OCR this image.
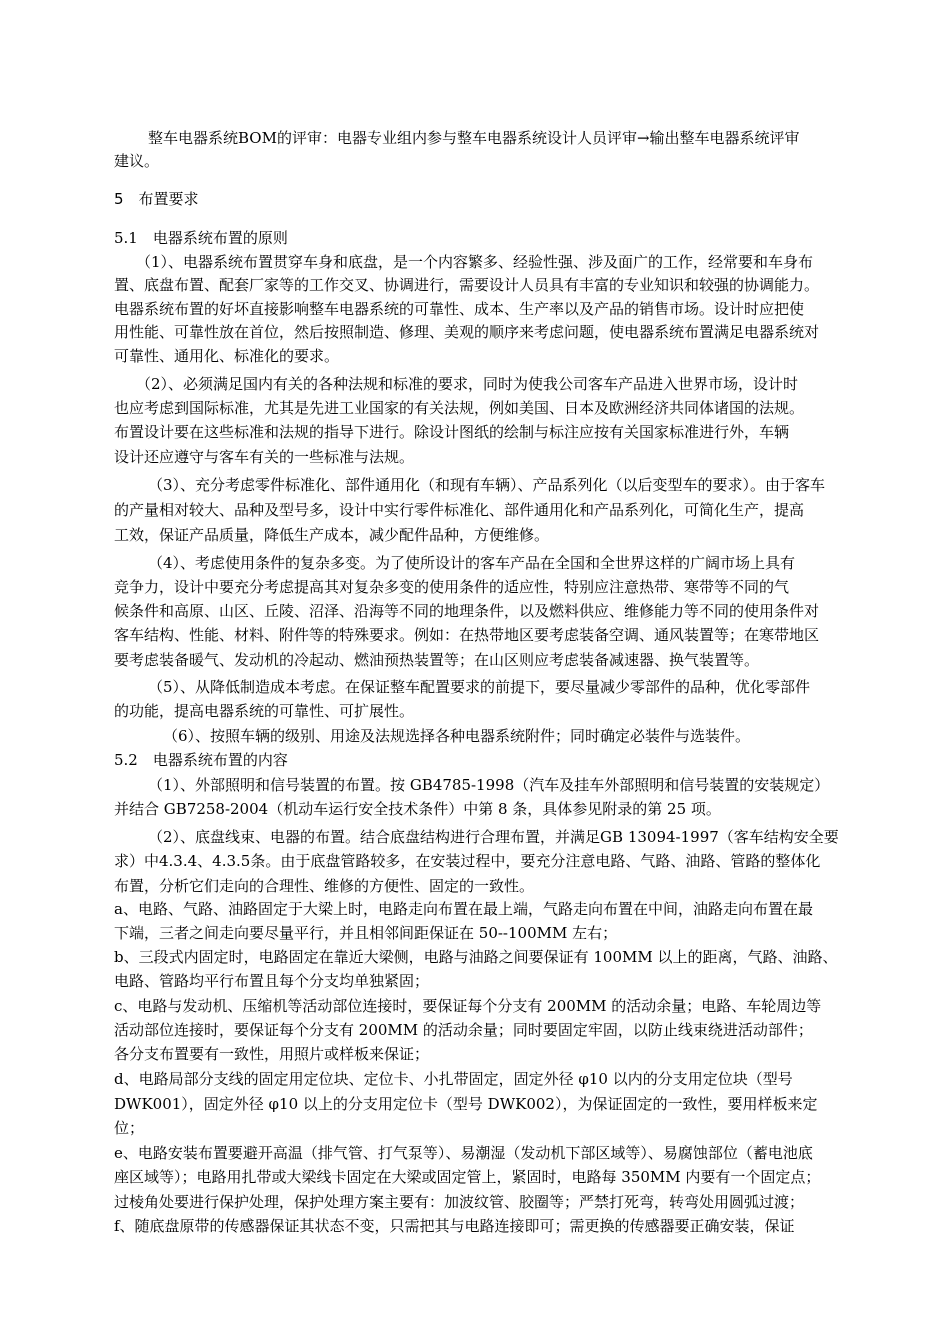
整车电器系统BOM的评审：电器专业组内参与整车电器系统设计人员评审→输出整车电器系统评审
建议。
5　布置要求
5.1　电器系统布置的原则
（1）、电器系统布置贯穿车身和底盘，是一个内容繁多、经验性强、涉及面广的工作，经常要和车身布
置、底盘布置、配套厂家等的工作交叉、协调进行，需要设计人员具有丰富的专业知识和较强的协调能力。
电器系统布置的好坏直接影响整车电器系统的可靠性、成本、生产率以及产品的销售市场。设计时应把使
用性能、可靠性放在首位，然后按照制造、修理、美观的顺序来考虑问题，使电器系统布置满足电器系统对
可靠性、通用化、标准化的要求。
（2）、必须满足国内有关的各种法规和标准的要求，同时为使我公司客车产品进入世界市场，设计时
也应考虑到国际标准，尤其是先进工业国家的有关法规，例如美国、日本及欧洲经济共同体诸国的法规。
布置设计要在这些标准和法规的指导下进行。除设计图纸的绘制与标注应按有关国家标准进行外，车辆
设计还应遵守与客车有关的一些标准与法规。
（3）、充分考虑零件标准化、部件通用化（和现有车辆）、产品系列化（以后变型车的要求）。由于客车
的产量相对较大、品种及型号多，设计中实行零件标准化、部件通用化和产品系列化，可简化生产，提高
工效，保证产品质量，降低生产成本，减少配件品种，方便维修。
（4）、考虑使用条件的复杂多变。为了使所设计的客车产品在全国和全世界这样的广阔市场上具有
竞争力，设计中要充分考虑提高其对复杂多变的使用条件的适应性，特别应注意热带、寒带等不同的气
候条件和高原、山区、丘陵、沼泽、沿海等不同的地理条件，以及燃料供应、维修能力等不同的使用条件对
客车结构、性能、材料、附件等的特殊要求。例如：在热带地区要考虑装备空调、通风装置等；在寒带地区
要考虑装备暖气、发动机的冷起动、燃油预热装置等；在山区则应考虑装备减速器、换气装置等。
（5）、从降低制造成本考虑。在保证整车配置要求的前提下，要尽量减少零部件的品种，优化零部件
的功能，提高电器系统的可靠性、可扩展性。
（6）、按照车辆的级别、用途及法规选择各种电器系统附件；同时确定必装件与选装件。
5.2　电器系统布置的内容
（1）、外部照明和信号装置的布置。按 GB4785-1998（汽车及挂车外部照明和信号装置的安装规定）
并结合 GB7258-2004（机动车运行安全技术条件）中第 8 条，具体参见附录的第 25 项。
（2）、底盘线束、电器的布置。结合底盘结构进行合理布置，并满足GB 13094-1997（客车结构安全要
求）中4.3.4、4.3.5条。由于底盘管路较多，在安装过程中，要充分注意电路、气路、油路、管路的整体化
布置，分析它们走向的合理性、维修的方便性、固定的一致性。
a、电路、气路、油路固定于大梁上时，电路走向布置在最上端，气路走向布置在中间，油路走向布置在最
下端，三者之间走向要尽量平行，并且相邻间距保证在 50--100MM 左右；
b、三段式内固定时，电路固定在靠近大梁侧，电路与油路之间要保证有 100MM 以上的距离，气路、油路、
电路、管路均平行布置且每个分支均单独紧固；
c、电路与发动机、压缩机等活动部位连接时，要保证每个分支有 200MM 的活动余量；电路、车轮周边等
活动部位连接时，要保证每个分支有 200MM 的活动余量；同时要固定牢固，以防止线束绕进活动部件；
各分支布置要有一致性，用照片或样板来保证；
d、电路局部分支线的固定用定位块、定位卡、小扎带固定，固定外径 φ10 以内的分支用定位块（型号
DWK001），固定外径 φ10 以上的分支用定位卡（型号 DWK002），为保证固定的一致性，要用样板来定
位；
e、电路安装布置要避开高温（排气管、打气泵等）、易潮湿（发动机下部区域等）、易腐蚀部位（蓄电池底
座区域等）；电路用扎带或大梁线卡固定在大梁或固定管上，紧固时，电路每 350MM 内要有一个固定点；
过棱角处要进行保护处理，保护处理方案主要有：加波纹管、胶圈等；严禁打死弯，转弯处用圆弧过渡；
f、随底盘原带的传感器保证其状态不变，只需把其与电路连接即可；需更换的传感器要正确安装，保证
